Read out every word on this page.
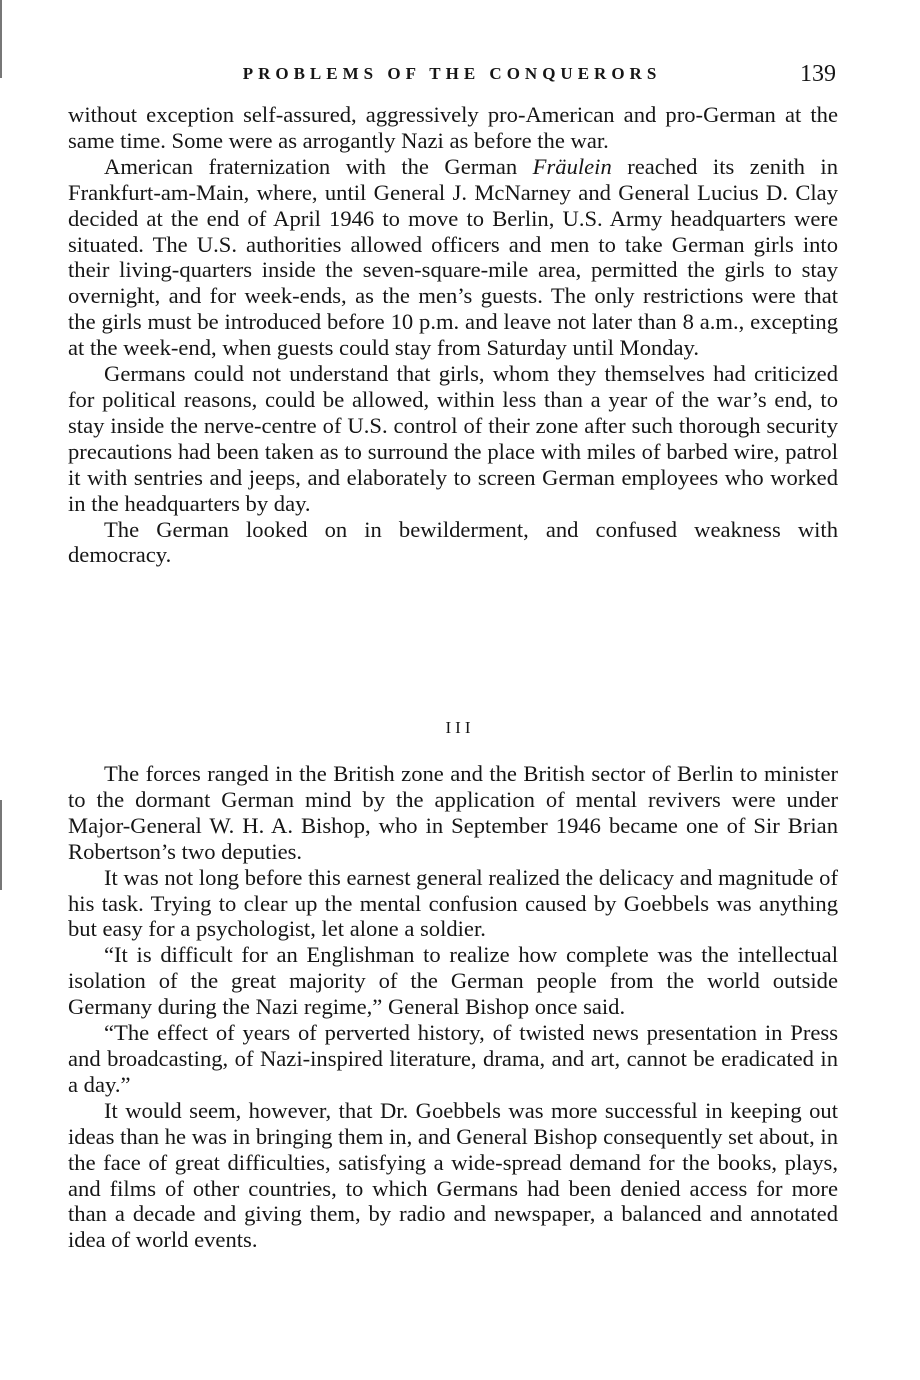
PROBLEMS OF THE CONQUERORS	139

without exception self-assured, aggressively pro-American and pro-German at the same time. Some were as arrogantly Nazi as before the war.

American fraternization with the German Fräulein reached its zenith in Frankfurt-am-Main, where, until General J. McNarney and General Lucius D. Clay decided at the end of April 1946 to move to Berlin, U.S. Army headquarters were situated. The U.S. authorities allowed officers and men to take German girls into their living-quarters inside the seven-square-mile area, permitted the girls to stay overnight, and for week-ends, as the men’s guests. The only restrictions were that the girls must be introduced before 10 p.m. and leave not later than 8 a.m., excepting at the week-end, when guests could stay from Saturday until Monday.

Germans could not understand that girls, whom they themselves had criticized for political reasons, could be allowed, within less than a year of the war’s end, to stay inside the nerve-centre of U.S. control of their zone after such thorough security precautions had been taken as to surround the place with miles of barbed wire, patrol it with sentries and jeeps, and elaborately to screen German employees who worked in the headquarters by day.

The German looked on in bewilderment, and confused weakness with democracy.

III

The forces ranged in the British zone and the British sector of Berlin to minister to the dormant German mind by the application of mental revivers were under Major-General W. H. A. Bishop, who in September 1946 became one of Sir Brian Robertson’s two deputies.

It was not long before this earnest general realized the delicacy and magnitude of his task. Trying to clear up the mental confusion caused by Goebbels was anything but easy for a psychologist, let alone a soldier.

“It is difficult for an Englishman to realize how complete was the intellectual isolation of the great majority of the German people from the world outside Germany during the Nazi regime,” General Bishop once said.

“The effect of years of perverted history, of twisted news presentation in Press and broadcasting, of Nazi-inspired literature, drama, and art, cannot be eradicated in a day.”

It would seem, however, that Dr. Goebbels was more successful in keeping out ideas than he was in bringing them in, and General Bishop consequently set about, in the face of great difficulties, satisfying a wide-spread demand for the books, plays, and films of other countries, to which Germans had been denied access for more than a decade and giving them, by radio and newspaper, a balanced and annotated idea of world events.
